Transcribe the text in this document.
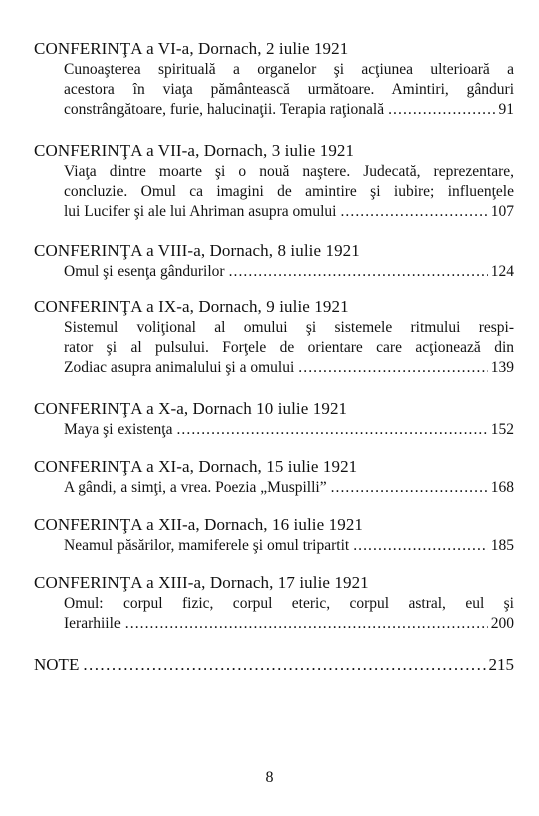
CONFERINŢA a VI-a, Dornach, 2 iulie 1921
Cunoaşterea spirituală a organelor şi acţiunea ulterioară a
acestora în viaţa pământească următoare. Amintiri, gânduri
constrângătoare, furie, halucinaţii. Terapia raţională . . .	91
CONFERINŢA a VII-a, Dornach, 3 iulie 1921
Viaţa dintre moarte şi o nouă naştere. Judecată, reprezentare,
concluzie. Omul ca imagini de amintire şi iubire; influenţele
lui Lucifer şi ale lui Ahriman asupra omului . . .	107
CONFERINŢA a VIII-a, Dornach, 8 iulie 1921
Omul şi esenţa gândurilor . . .	124
CONFERINŢA a IX-a, Dornach, 9 iulie 1921
Sistemul voliţional al omului şi sistemele ritmului respi-
rator şi al pulsului. Forţele de orientare care acţionează din
Zodiac asupra animalului şi a omului . . .	139
CONFERINŢA a X-a, Dornach 10 iulie 1921
Maya şi existenţa . . .	152
CONFERINŢA a XI-a, Dornach, 15 iulie 1921
A gândi, a simţi, a vrea. Poezia „Muspilli” . . .	168
CONFERINŢA a XII-a, Dornach, 16 iulie 1921
Neamul păsărilor, mamiferele şi omul tripartit . . .	185
CONFERINŢA a XIII-a, Dornach, 17 iulie 1921
Omul: corpul fizic, corpul eteric, corpul astral, eul şi
Ierarhiile . . .	200
NOTE . . .	215
8
